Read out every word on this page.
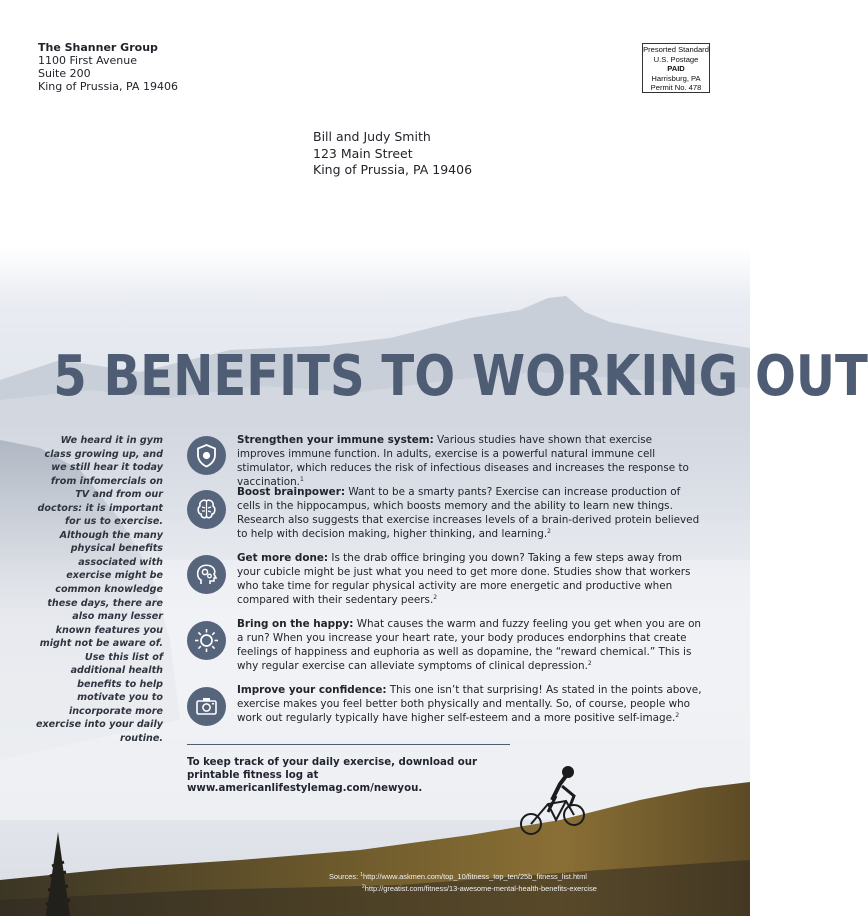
The Shanner Group
1100 First Avenue
Suite 200
King of Prussia, PA 19406
Presorted Standard
U.S. Postage
PAID
Harrisburg, PA
Permit No. 478
Bill and Judy Smith
123 Main Street
King of Prussia, PA 19406
5 BENEFITS TO WORKING OUT
We heard it in gym class growing up, and we still hear it today from infomercials on TV and from our doctors: it is important for us to exercise. Although the many physical benefits associated with exercise might be common knowledge these days, there are also many lesser known features you might not be aware of. Use this list of additional health benefits to help motivate you to incorporate more exercise into your daily routine.
Strengthen your immune system: Various studies have shown that exercise improves immune function. In adults, exercise is a powerful natural immune cell stimulator, which reduces the risk of infectious diseases and increases the response to vaccination.$^1$
Boost brainpower: Want to be a smarty pants? Exercise can increase production of cells in the hippocampus, which boosts memory and the ability to learn new things. Research also suggests that exercise increases levels of a brain-derived protein believed to help with decision making, higher thinking, and learning.$^2$
Get more done: Is the drab office bringing you down? Taking a few steps away from your cubicle might be just what you need to get more done. Studies show that workers who take time for regular physical activity are more energetic and productive when compared with their sedentary peers.$^2$
Bring on the happy: What causes the warm and fuzzy feeling you get when you are on a run? When you increase your heart rate, your body produces endorphins that create feelings of happiness and euphoria as well as dopamine, the “reward chemical.” This is why regular exercise can alleviate symptoms of clinical depression.$^2$
Improve your confidence: This one isn’t that surprising! As stated in the points above, exercise makes you feel better both physically and mentally. So, of course, people who work out regularly typically have higher self-esteem and a more positive self-image.$^2$
To keep track of your daily exercise, download our printable fitness log at www.americanlifestylemag.com/newyou.
Sources: $^1$http://www.askmen.com/top_10/fitness_top_ten/25b_fitness_list.html
$^2$http://greatist.com/fitness/13-awesome-mental-health-benefits-exercise
